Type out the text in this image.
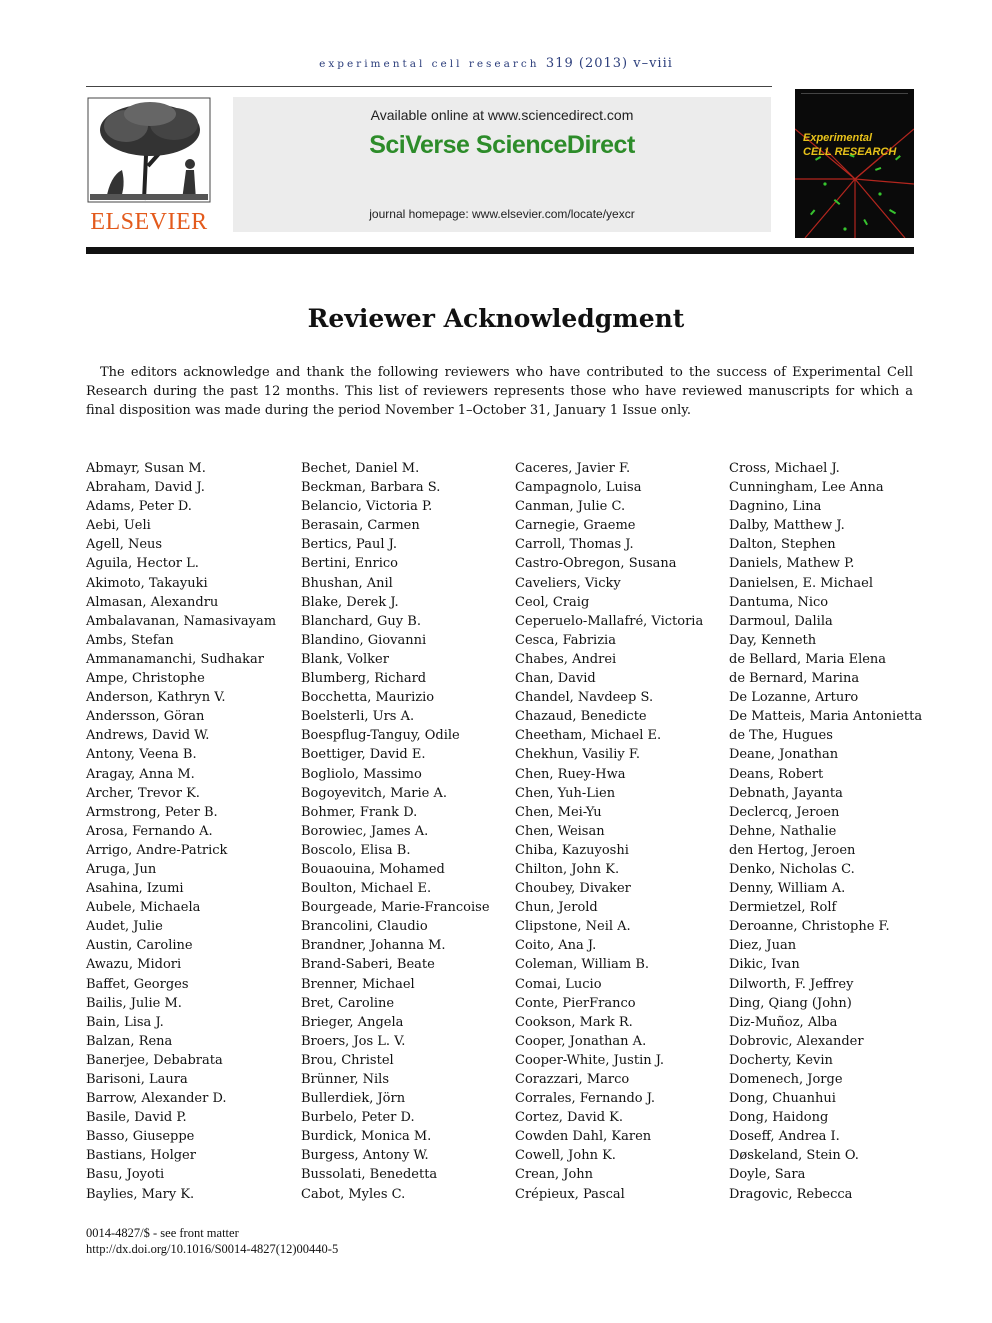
experimental cell research 319 (2013) v–viii
ELSEVIER
Available online at www.sciencedirect.com
SciVerse ScienceDirect
journal homepage: www.elsevier.com/locate/yexcr
Experimental
CELL RESEARCH
Reviewer Acknowledgment
The editors acknowledge and thank the following reviewers who have contributed to the success of Experimental Cell Research during the past 12 months. This list of reviewers represents those who have reviewed manuscripts for which a final disposition was made during the period November 1–October 31, January 1 Issue only.
Abmayr, Susan M.
Abraham, David J.
Adams, Peter D.
Aebi, Ueli
Agell, Neus
Aguila, Hector L.
Akimoto, Takayuki
Almasan, Alexandru
Ambalavanan, Namasivayam
Ambs, Stefan
Ammanamanchi, Sudhakar
Ampe, Christophe
Anderson, Kathryn V.
Andersson, Göran
Andrews, David W.
Antony, Veena B.
Aragay, Anna M.
Archer, Trevor K.
Armstrong, Peter B.
Arosa, Fernando A.
Arrigo, Andre-Patrick
Aruga, Jun
Asahina, Izumi
Aubele, Michaela
Audet, Julie
Austin, Caroline
Awazu, Midori
Baffet, Georges
Bailis, Julie M.
Bain, Lisa J.
Balzan, Rena
Banerjee, Debabrata
Barisoni, Laura
Barrow, Alexander D.
Basile, David P.
Basso, Giuseppe
Bastians, Holger
Basu, Joyoti
Baylies, Mary K.
Bechet, Daniel M.
Beckman, Barbara S.
Belancio, Victoria P.
Berasain, Carmen
Bertics, Paul J.
Bertini, Enrico
Bhushan, Anil
Blake, Derek J.
Blanchard, Guy B.
Blandino, Giovanni
Blank, Volker
Blumberg, Richard
Bocchetta, Maurizio
Boelsterli, Urs A.
Boespflug-Tanguy, Odile
Boettiger, David E.
Bogliolo, Massimo
Bogoyevitch, Marie A.
Bohmer, Frank D.
Borowiec, James A.
Boscolo, Elisa B.
Bouaouina, Mohamed
Boulton, Michael E.
Bourgeade, Marie-Francoise
Brancolini, Claudio
Brandner, Johanna M.
Brand-Saberi, Beate
Brenner, Michael
Bret, Caroline
Brieger, Angela
Broers, Jos L. V.
Brou, Christel
Brünner, Nils
Bullerdiek, Jörn
Burbelo, Peter D.
Burdick, Monica M.
Burgess, Antony W.
Bussolati, Benedetta
Cabot, Myles C.
Caceres, Javier F.
Campagnolo, Luisa
Canman, Julie C.
Carnegie, Graeme
Carroll, Thomas J.
Castro-Obregon, Susana
Caveliers, Vicky
Ceol, Craig
Ceperuelo-Mallafré, Victoria
Cesca, Fabrizia
Chabes, Andrei
Chan, David
Chandel, Navdeep S.
Chazaud, Benedicte
Cheetham, Michael E.
Chekhun, Vasiliy F.
Chen, Ruey-Hwa
Chen, Yuh-Lien
Chen, Mei-Yu
Chen, Weisan
Chiba, Kazuyoshi
Chilton, John K.
Choubey, Divaker
Chun, Jerold
Clipstone, Neil A.
Coito, Ana J.
Coleman, William B.
Comai, Lucio
Conte, PierFranco
Cookson, Mark R.
Cooper, Jonathan A.
Cooper-White, Justin J.
Corazzari, Marco
Corrales, Fernando J.
Cortez, David K.
Cowden Dahl, Karen
Cowell, John K.
Crean, John
Crépieux, Pascal
Cross, Michael J.
Cunningham, Lee Anna
Dagnino, Lina
Dalby, Matthew J.
Dalton, Stephen
Daniels, Mathew P.
Danielsen, E. Michael
Dantuma, Nico
Darmoul, Dalila
Day, Kenneth
de Bellard, Maria Elena
de Bernard, Marina
De Lozanne, Arturo
De Matteis, Maria Antonietta
de The, Hugues
Deane, Jonathan
Deans, Robert
Debnath, Jayanta
Declercq, Jeroen
Dehne, Nathalie
den Hertog, Jeroen
Denko, Nicholas C.
Denny, William A.
Dermietzel, Rolf
Deroanne, Christophe F.
Diez, Juan
Dikic, Ivan
Dilworth, F. Jeffrey
Ding, Qiang (John)
Diz-Muñoz, Alba
Dobrovic, Alexander
Docherty, Kevin
Domenech, Jorge
Dong, Chuanhui
Dong, Haidong
Doseff, Andrea I.
Døskeland, Stein O.
Doyle, Sara
Dragovic, Rebecca
0014-4827/$ - see front matter
http://dx.doi.org/10.1016/S0014-4827(12)00440-5
